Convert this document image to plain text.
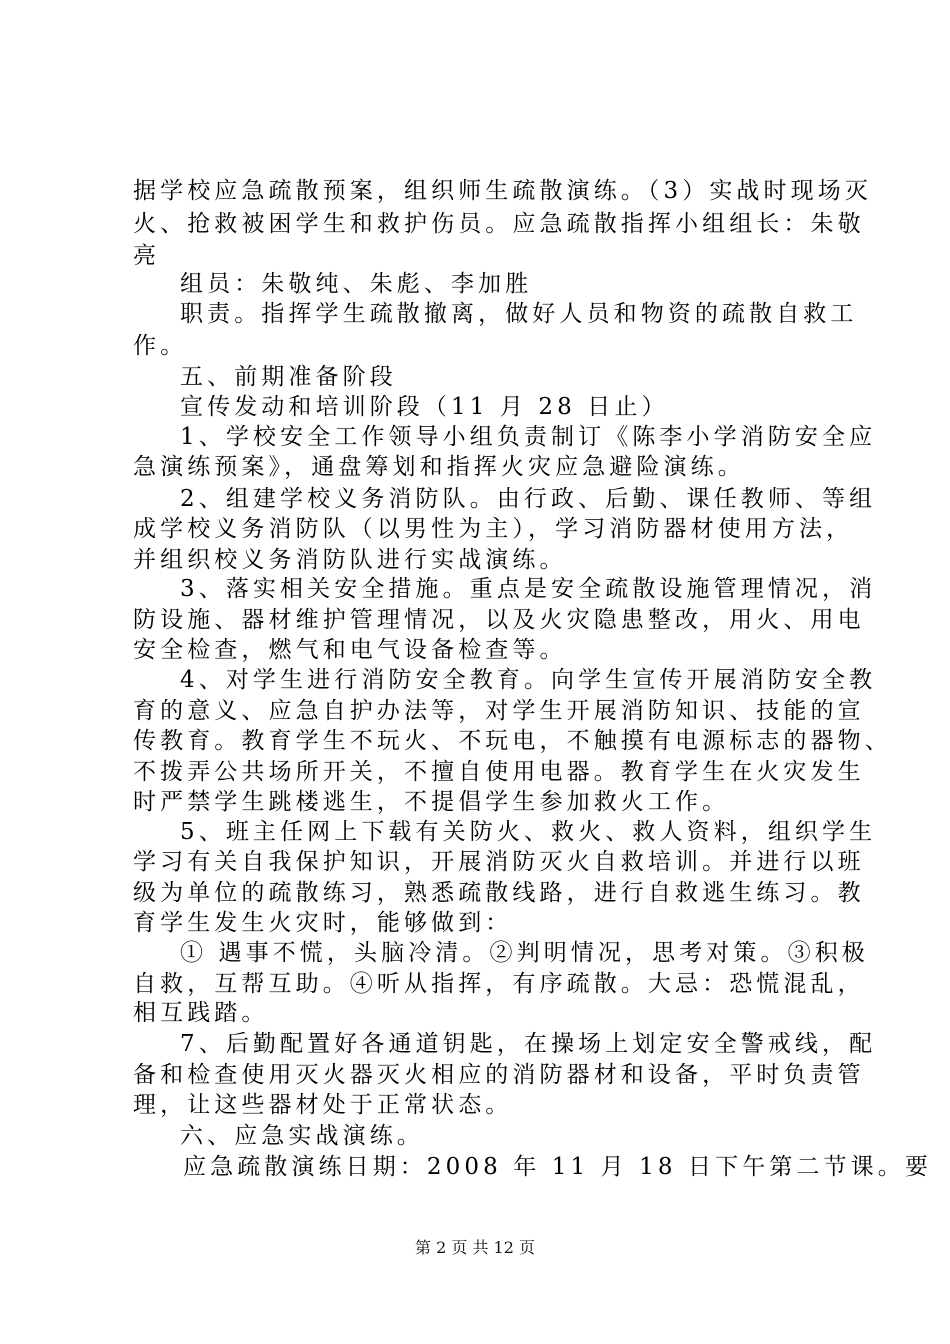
据学校应急疏散预案，组织师生疏散演练。（3）实战时现场灭
火、抢救被困学生和救护伤员。应急疏散指挥小组组长：朱敬
亮
组员：朱敬纯、朱彪、李加胜
职责。指挥学生疏散撤离，做好人员和物资的疏散自救工
作。
五、前期准备阶段
宣传发动和培训阶段（11 月 28 日止）
1、学校安全工作领导小组负责制订《陈李小学消防安全应
急演练预案》，通盘筹划和指挥火灾应急避险演练。
2、组建学校义务消防队。由行政、后勤、课任教师、等组
成学校义务消防队（以男性为主），学习消防器材使用方法，
并组织校义务消防队进行实战演练。
3、落实相关安全措施。重点是安全疏散设施管理情况，消
防设施、器材维护管理情况，以及火灾隐患整改，用火、用电
安全检查，燃气和电气设备检查等。
4、对学生进行消防安全教育。向学生宣传开展消防安全教
育的意义、应急自护办法等，对学生开展消防知识、技能的宣
传教育。教育学生不玩火、不玩电，不触摸有电源标志的器物、
不拨弄公共场所开关，不擅自使用电器。教育学生在火灾发生
时严禁学生跳楼逃生，不提倡学生参加救火工作。
5、班主任网上下载有关防火、救火、救人资料，组织学生
学习有关自我保护知识，开展消防灭火自救培训。并进行以班
级为单位的疏散练习，熟悉疏散线路，进行自救逃生练习。教
育学生发生火灾时，能够做到：
① 遇事不慌，头脑冷清。②判明情况，思考对策。③积极
自救，互帮互助。④听从指挥，有序疏散。大忌：恐慌混乱，
相互践踏。
7、后勤配置好各通道钥匙，在操场上划定安全警戒线，配
备和检查使用灭火器灭火相应的消防器材和设备，平时负责管
理，让这些器材处于正常状态。
六、应急实战演练。
应急疏散演练日期：2008 年 11 月 18 日下午第二节课。要
第 2 页 共 12 页
